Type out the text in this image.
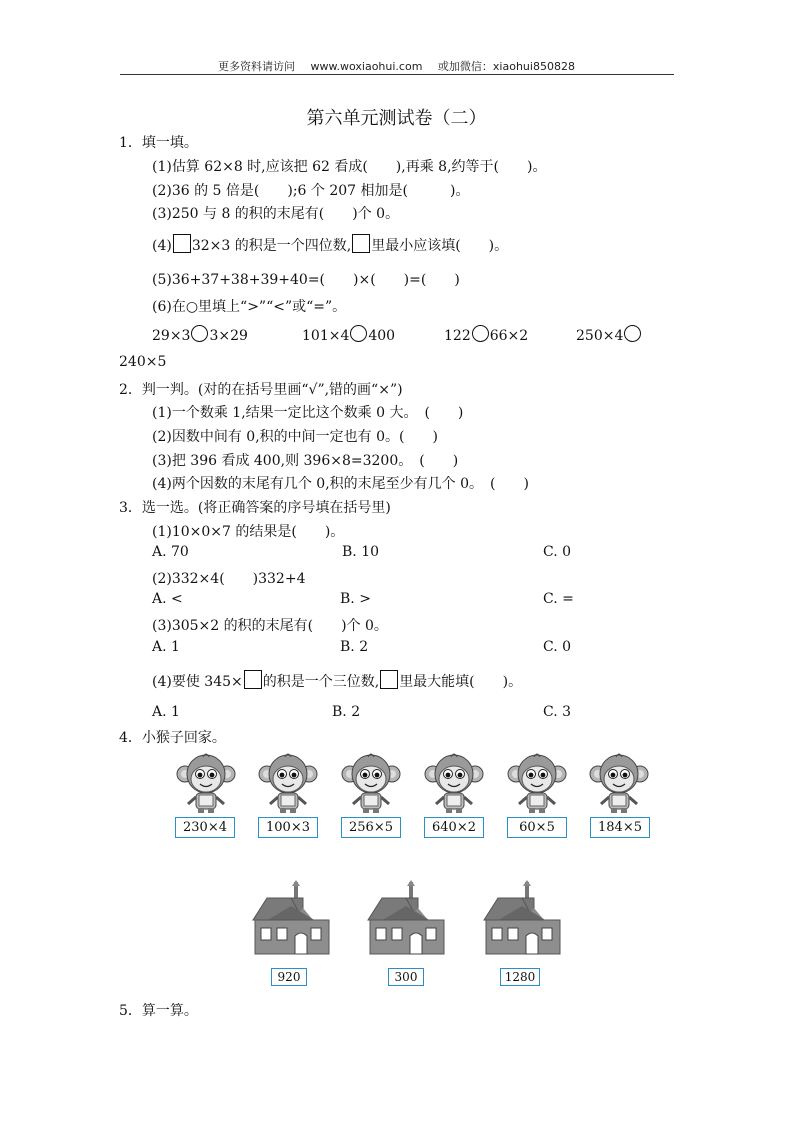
更多资料请访问 www.woxiaohui.com 或加微信：xiaohui850828
第六单元测试卷（二）
1．填一填。
(1)估算 62×8 时,应该把 62 看成(　　),再乘 8,约等于(　　)。
(2)36 的 5 倍是(　　);6 个 207 相加是(　　　)。
(3)250 与 8 的积的末尾有(　　)个 0。
(4) 32×3 的积是一个四位数, 里最小应该填(　　)。
(5)36+37+38+39+40=(　　)×(　　)=(　　)
(6)在○里填上“>”“<”或“=”。
29×3 3×29	101×4 400	122 66×2	250×4
240×5
2．判一判。(对的在括号里画“√”,错的画“×”)
(1)一个数乘 1,结果一定比这个数乘 0 大。　(　　)
(2)因数中间有 0,积的中间一定也有 0。(　　)
(3)把 396 看成 400,则 396×8=3200。　(　　)
(4)两个因数的末尾有几个 0,积的末尾至少有几个 0。　(　　)
3．选一选。(将正确答案的序号填在括号里)
(1)10×0×7 的结果是(　　)。
A. 70	B. 10	C. 0
(2)332×4(　　)332+4
A. <	B. >	C. =
(3)305×2 的积的末尾有(　　)个 0。
A. 1	B. 2	C. 0
(4)要使 345× 的积是一个三位数, 里最大能填(　　)。
A. 1	B. 2	C. 3
4．小猴子回家。
230×4	100×3	256×5	640×2	60×5	184×5
920	300	1280
5．算一算。
